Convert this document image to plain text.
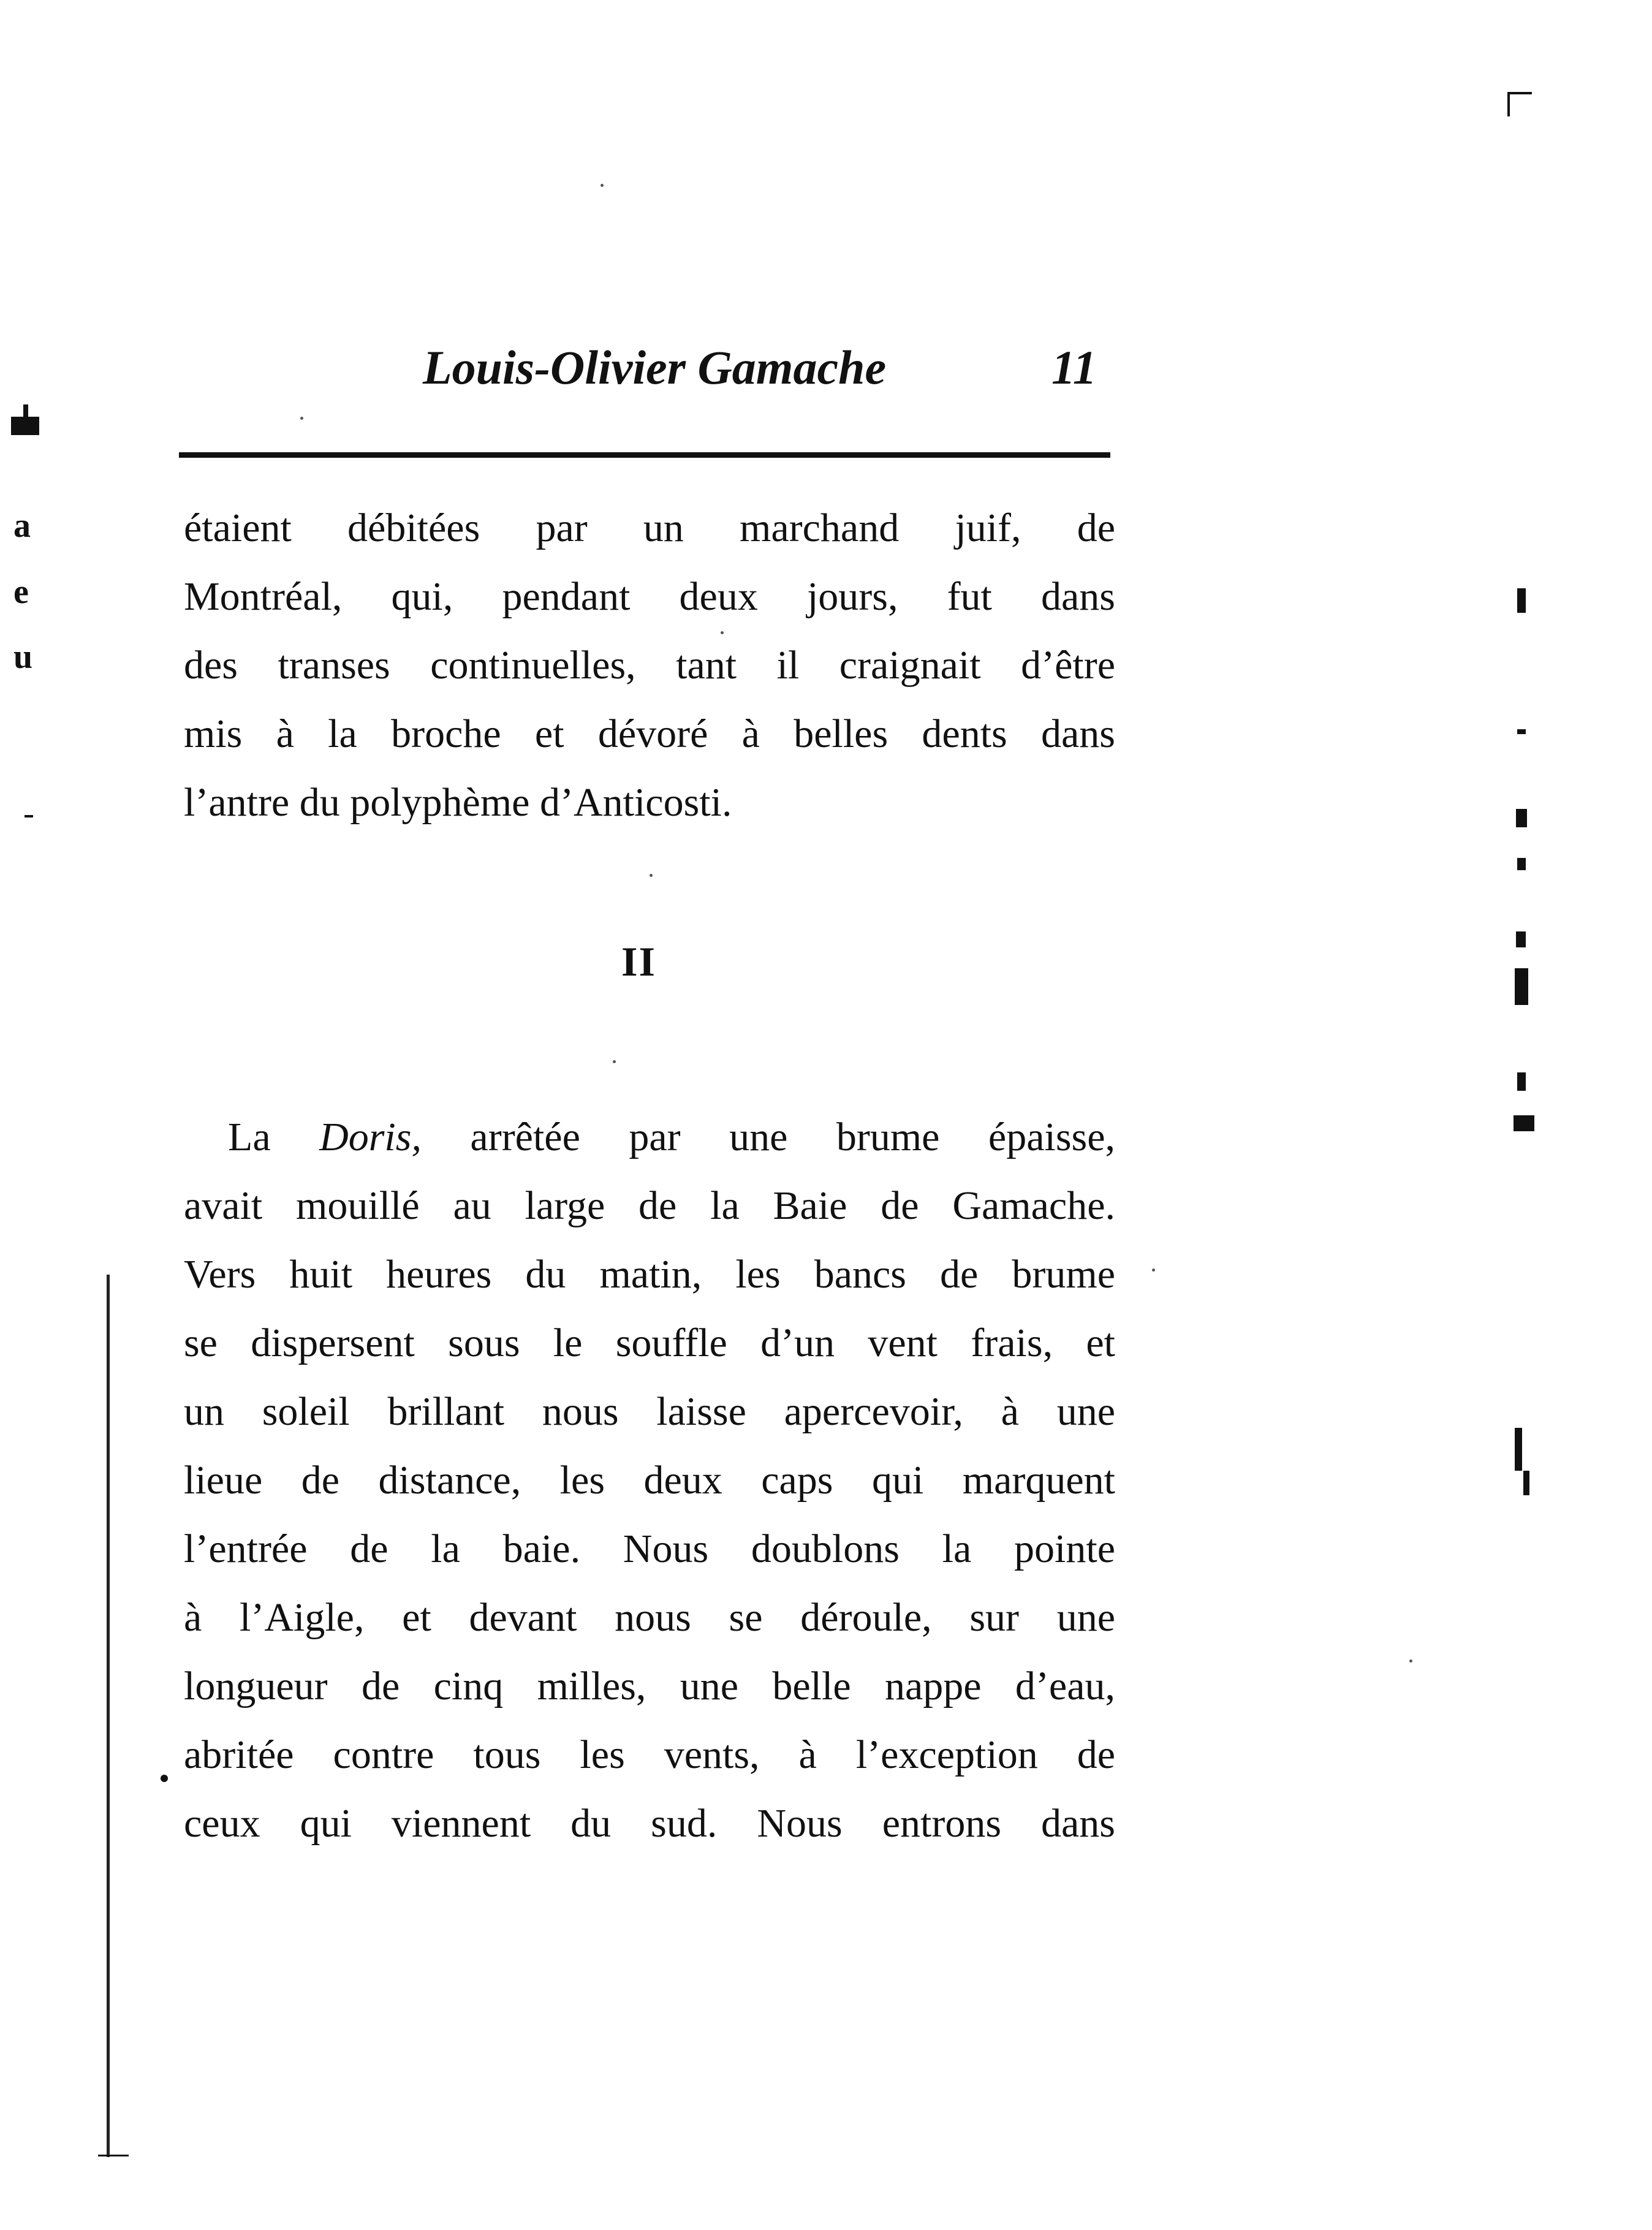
a
e
u
Louis-Olivier Gamache	11
étaient débitées par un marchand juif, de
Montréal, qui, pendant deux jours, fut dans
des transes continuelles, tant il craignait d’être
mis à la broche et dévoré à belles dents dans
l’antre du polyphème d’Anticosti.
II
La Doris, arrêtée par une brume épaisse,
avait mouillé au large de la Baie de Gamache.
Vers huit heures du matin, les bancs de brume
se dispersent sous le souffle d’un vent frais, et
un soleil brillant nous laisse apercevoir, à une
lieue de distance, les deux caps qui marquent
l’entrée de la baie. Nous doublons la pointe
à l’Aigle, et devant nous se déroule, sur une
longueur de cinq milles, une belle nappe d’eau,
abritée contre tous les vents, à l’exception de
ceux qui viennent du sud. Nous entrons dans
